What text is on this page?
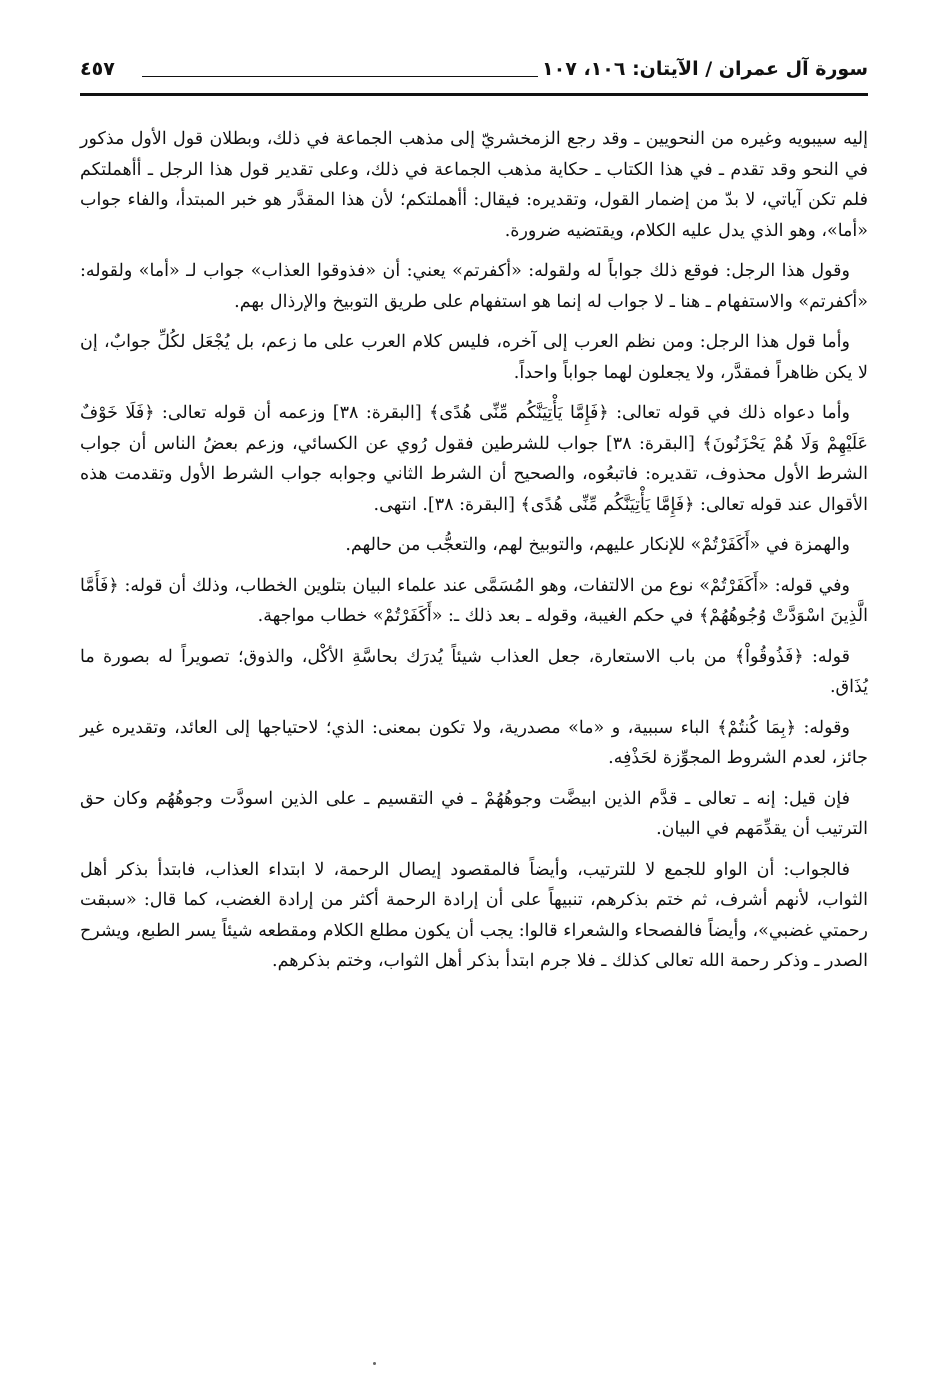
سورة آل عمران / الآيتان: ١٠٦، ١٠٧
٤٥٧

إليه سيبويه وغيره من النحويين ـ وقد رجع الزمخشريّ إلى مذهب الجماعة في ذلك، وبطلان قول الأول مذكور في النحو وقد تقدم ـ في هذا الكتاب ـ حكاية مذهب الجماعة في ذلك، وعلى تقدير قول هذا الرجل ـ أأهملتكم فلم تكن آياتي، لا بدّ من إضمار القول، وتقديره: فيقال: أأهملتكم؛ لأن هذا المقدَّر هو خبر المبتدأ، والفاء جواب «أما»، وهو الذي يدل عليه الكلام، ويقتضيه ضرورة.

وقول هذا الرجل: فوقع ذلك جواباً له ولقوله: «أكفرتم» يعني: أن «فذوقوا العذاب» جواب لـ «أما» ولقوله: «أكفرتم» والاستفهام ـ هنا ـ لا جواب له إنما هو استفهام على طريق التوبيخ والإرذال بهم.

وأما قول هذا الرجل: ومن نظم العرب إلى آخره، فليس كلام العرب على ما زعم، بل يُجْعَل لكُلِّ جوابٌ، إن لا يكن ظاهراً فمقدَّر، ولا يجعلون لهما جواباً واحداً.

وأما دعواه ذلك في قوله تعالى: ﴿فَإِمَّا يَأْتِيَنَّكُم مِّنِّى هُدًى﴾ [البقرة: ٣٨] وزعمه أن قوله تعالى: ﴿فَلَا خَوْفٌ عَلَيْهِمْ وَلَا هُمْ يَحْزَنُونَ﴾ [البقرة: ٣٨] جواب للشرطين فقول رُوي عن الكسائي، وزعم بعضُ الناس أن جواب الشرط الأول محذوف، تقديره: فاتبعُوه، والصحيح أن الشرط الثاني وجوابه جواب الشرط الأول وتقدمت هذه الأقوال عند قوله تعالى: ﴿فَإِمَّا يَأْتِيَنَّكُم مِّنِّى هُدًى﴾ [البقرة: ٣٨]. انتهى.

والهمزة في «أَكَفَرْتُمْ» للإنكار عليهم، والتوبيخ لهم، والتعجُّب من حالهم.

وفي قوله: «أَكَفَرْتُمْ» نوع من الالتفات، وهو المُسَمَّى عند علماء البيان بتلوين الخطاب، وذلك أن قوله: ﴿فَأَمَّا الَّذِينَ اسْوَدَّتْ وُجُوهُهُمْ﴾ في حكم الغيبة، وقوله ـ بعد ذلك ـ: «أَكَفَرْتُمْ» خطاب مواجهة.

قوله: ﴿فَذُوقُواْ﴾ من باب الاستعارة، جعل العذاب شيئاً يُدرَك بحاسَّةِ الأكْل، والذوق؛ تصويراً له بصورة ما يُذَاق.

وقوله: ﴿بِمَا كُنتُمْ﴾ الباء سببية، و «ما» مصدرية، ولا تكون بمعنى: الذي؛ لاحتياجها إلى العائد، وتقديره غير جائز، لعدم الشروط المجوِّزة لحَذْفِه.

فإن قيل: إنه ـ تعالى ـ قدَّم الذين ابيضَّت وجوهُهُمْ ـ في التقسيم ـ على الذين اسودَّت وجوهُهُم وكان حق الترتيب أن يقدِّمَهم في البيان.

فالجواب: أن الواو للجمع لا للترتيب، وأيضاً فالمقصود إيصال الرحمة، لا ابتداء العذاب، فابتدأ بذكر أهل الثواب، لأنهم أشرف، ثم ختم بذكرهم، تنبيهاً على أن إرادة الرحمة أكثر من إرادة الغضب، كما قال: «سبقت رحمتي غضبي»، وأيضاً فالفصحاء والشعراء قالوا: يجب أن يكون مطلع الكلام ومقطعه شيئاً يسر الطبع، ويشرح الصدر ـ وذكر رحمة الله تعالى كذلك ـ فلا جرم ابتدأ بذكر أهل الثواب، وختم بذكرهم.
